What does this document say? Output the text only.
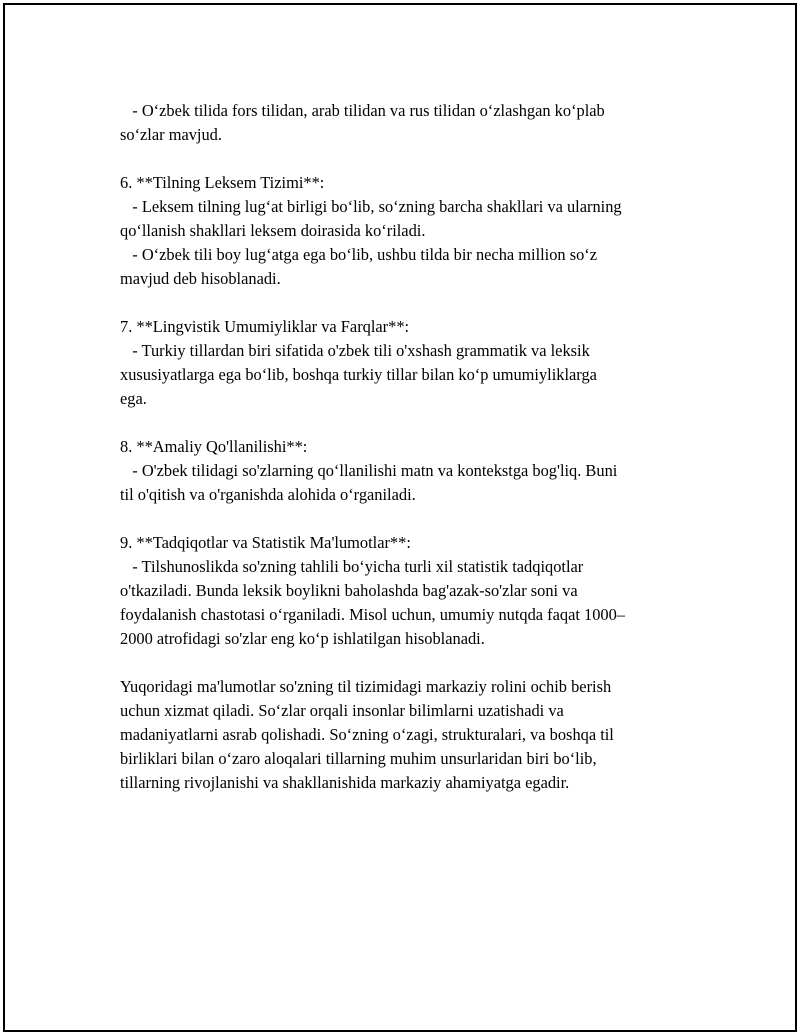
- O‘zbek tilida fors tilidan, arab tilidan va rus tilidan o‘zlashgan ko‘plab
so‘zlar mavjud.
6. **Tilning Leksem Tizimi**:
- Leksem tilning lug‘at birligi bo‘lib, so‘zning barcha shakllari va ularning
qo‘llanish shakllari leksem doirasida ko‘riladi.
- O‘zbek tili boy lug‘atga ega bo‘lib, ushbu tilda bir necha million so‘z
mavjud deb hisoblanadi.
7. **Lingvistik Umumiyliklar va Farqlar**:
- Turkiy tillardan biri sifatida o'zbek tili o'xshash grammatik va leksik
xususiyatlarga ega bo‘lib, boshqa turkiy tillar bilan ko‘p umumiyliklarga
ega.
8. **Amaliy Qo'llanilishi**:
- O'zbek tilidagi so'zlarning qo‘llanilishi matn va kontekstga bog'liq. Buni
til o'qitish va o'rganishda alohida o‘rganiladi.
9. **Tadqiqotlar va Statistik Ma'lumotlar**:
- Tilshunoslikda so'zning tahlili bo‘yicha turli xil statistik tadqiqotlar
o'tkaziladi. Bunda leksik boylikni baholashda bag'azak-so'zlar soni va
foydalanish chastotasi o‘rganiladi. Misol uchun, umumiy nutqda faqat 1000–
2000 atrofidagi so'zlar eng ko‘p ishlatilgan hisoblanadi.
Yuqoridagi ma'lumotlar so'zning til tizimidagi markaziy rolini ochib berish
uchun xizmat qiladi. So‘zlar orqali insonlar bilimlarni uzatishadi va
madaniyatlarni asrab qolishadi. So‘zning o‘zagi, strukturalari, va boshqa til
birliklari bilan o‘zaro aloqalari tillarning muhim unsurlaridan biri bo‘lib,
tillarning rivojlanishi va shakllanishida markaziy ahamiyatga egadir.
